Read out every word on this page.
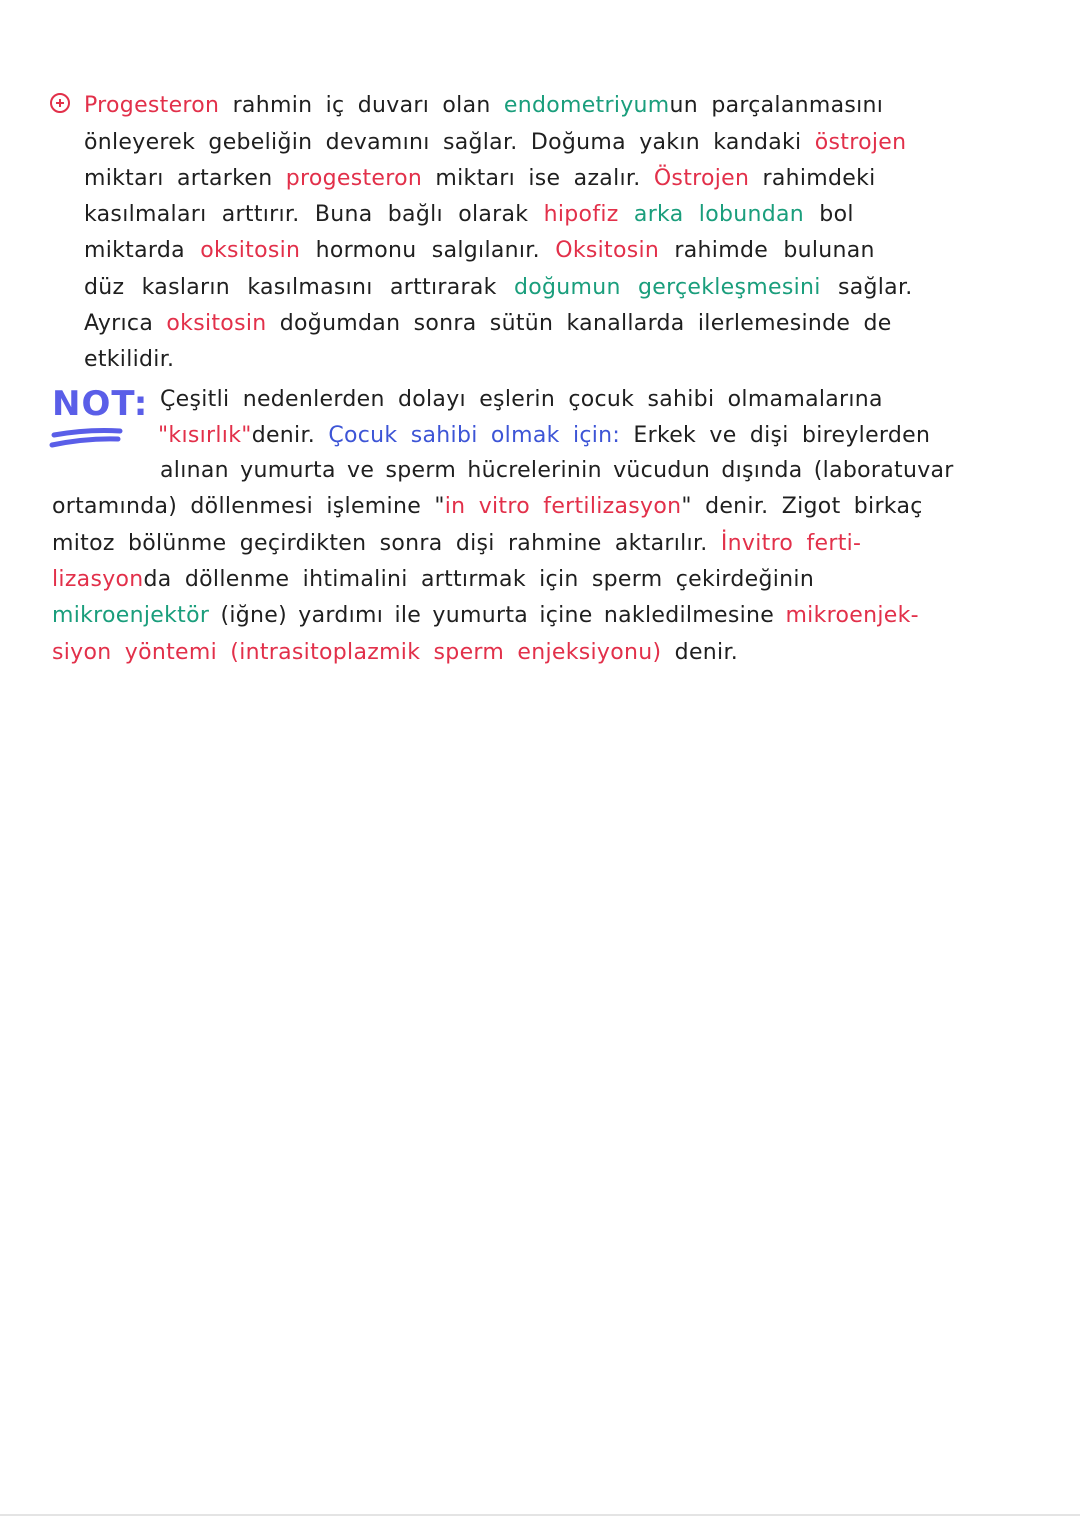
Progesteron rahmin iç duvarı olan endometriyumun parçalanmasını
önleyerek gebeliğin devamını sağlar. Doğuma yakın kandaki östrojen
miktarı artarken progesteron miktarı ise azalır. Östrojen rahimdeki
kasılmaları arttırır. Buna bağlı olarak hipofiz arka lobundan bol
miktarda oksitosin hormonu salgılanır. Oksitosin rahimde bulunan
düz kasların kasılmasını arttırarak doğumun gerçekleşmesini sağlar.
Ayrıca oksitosin doğumdan sonra sütün kanallarda ilerlemesinde de
etkilidir.
NOT: Çeşitli nedenlerden dolayı eşlerin çocuk sahibi olmamalarına
"kısırlık"denir. Çocuk sahibi olmak için: Erkek ve dişi bireylerden
alınan yumurta ve sperm hücrelerinin vücudun dışında (laboratuvar
ortamında) döllenmesi işlemine "in vitro fertilizasyon" denir. Zigot birkaç
mitoz bölünme geçirdikten sonra dişi rahmine aktarılır. İnvitro ferti-
lizasyonda döllenme ihtimalini arttırmak için sperm çekirdeğinin
mikroenjektör (iğne) yardımı ile yumurta içine nakledilmesine mikroenjek-
siyon yöntemi (intrasitoplazmik sperm enjeksiyonu) denir.
